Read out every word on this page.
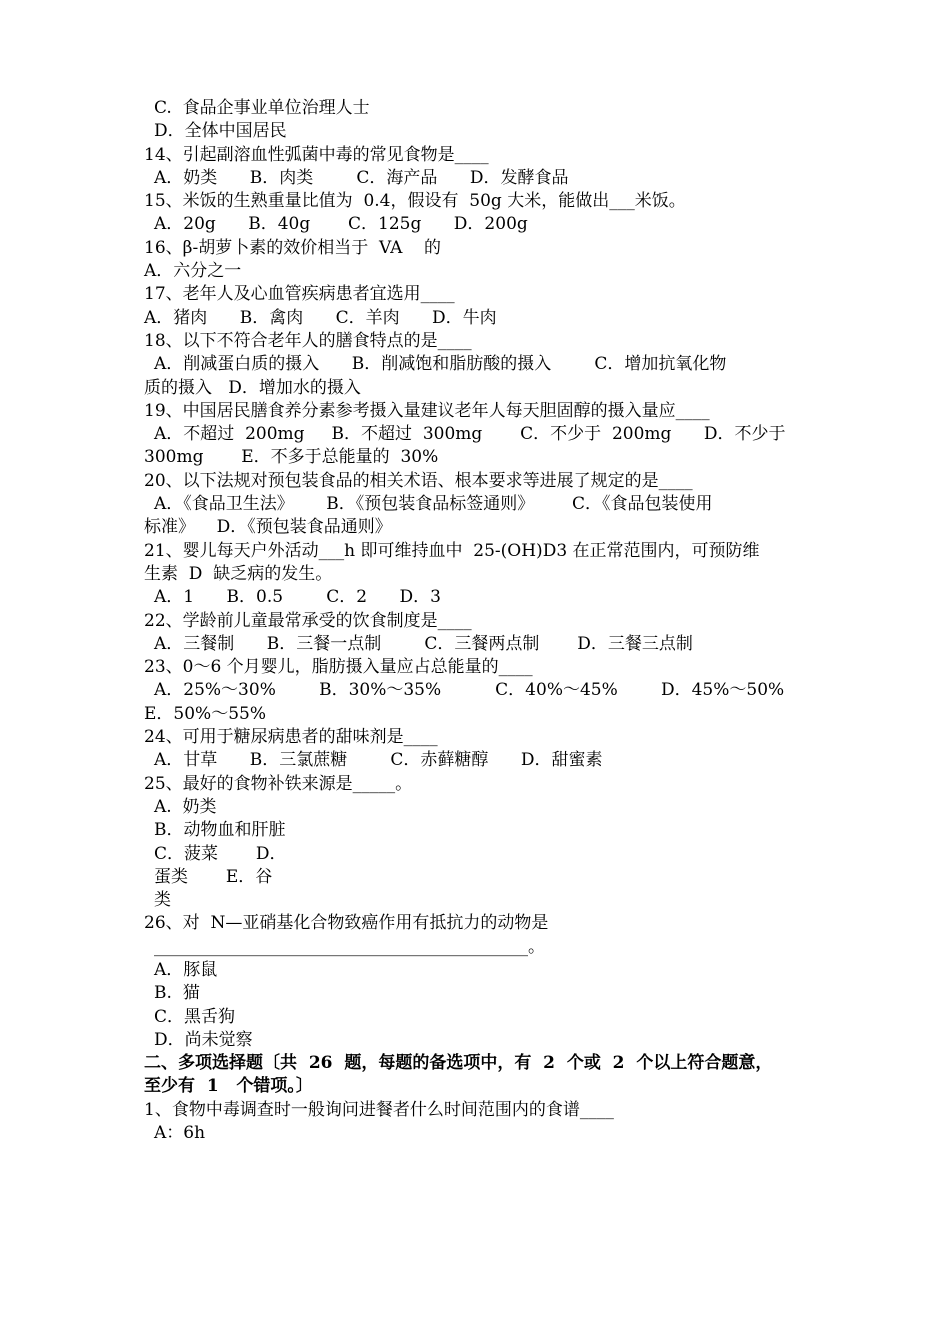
C.  食品企事业单位治理人士
D．全体中国居民
14、引起副溶血性弧菌中毒的常见食物是____
A．奶类      B．肉类        C．海产品      D．发酵食品
15、米饭的生熟重量比值为  0.4，假设有  50g 大米，能做出___米饭。
A．20g      B．40g       C．125g      D．200g
16、β-胡萝卜素的效价相当于  VA    的
A．六分之一
17、老年人及心血管疾病患者宜选用____
A．猪肉      B．禽肉      C．羊肉      D．牛肉
18、以下不符合老年人的膳食特点的是____
A．削减蛋白质的摄入      B．削减饱和脂肪酸的摄入        C．增加抗氧化物
质的摄入   D．增加水的摄入
19、中国居民膳食养分素参考摄入量建议老年人每天胆固醇的摄入量应____
A．不超过  200mg     B．不超过  300mg       C．不少于  200mg      D．不少于
300mg       E．不多于总能量的  30%
20、以下法规对预包装食品的相关术语、根本要求等进展了规定的是____
A．《食品卫生法》      B．《预包装食品标签通则》       C．《食品包装使用
标准》    D．《预包装食品通则》
21、婴儿每天户外活动___h 即可维持血中  25-(OH)D3 在正常范围内，可预防维
生素  D  缺乏病的发生。
A．1      B．0.5        C．2      D．3
22、学龄前儿童最常承受的饮食制度是____
A．三餐制      B．三餐一点制        C．三餐两点制       D．三餐三点制
23、0～6 个月婴儿，脂肪摄入量应占总能量的____
A．25%～30%        B．30%～35%          C．40%～45%        D．45%～50%
E．50%～55%
24、可用于糖尿病患者的甜味剂是____
A．甘草      B．三氯蔗糖        C．赤藓糖醇      D．甜蜜素
25、最好的食物补铁来源是_____。
A.  奶类
B．动物血和肝脏
C．菠菜       D．
蛋类       E．谷
类
26、对  N—亚硝基化合物致癌作用有抵抗力的动物是
____________________________________________。
A．豚鼠
B.  猫
C．黑舌狗
D．尚未觉察
二、多项选择题〔共  26  题，每题的备选项中，有  2  个或  2  个以上符合题意，
至少有  1   个错项。〕
1、食物中毒调查时一般询问进餐者什么时间范围内的食谱____
A：6h
